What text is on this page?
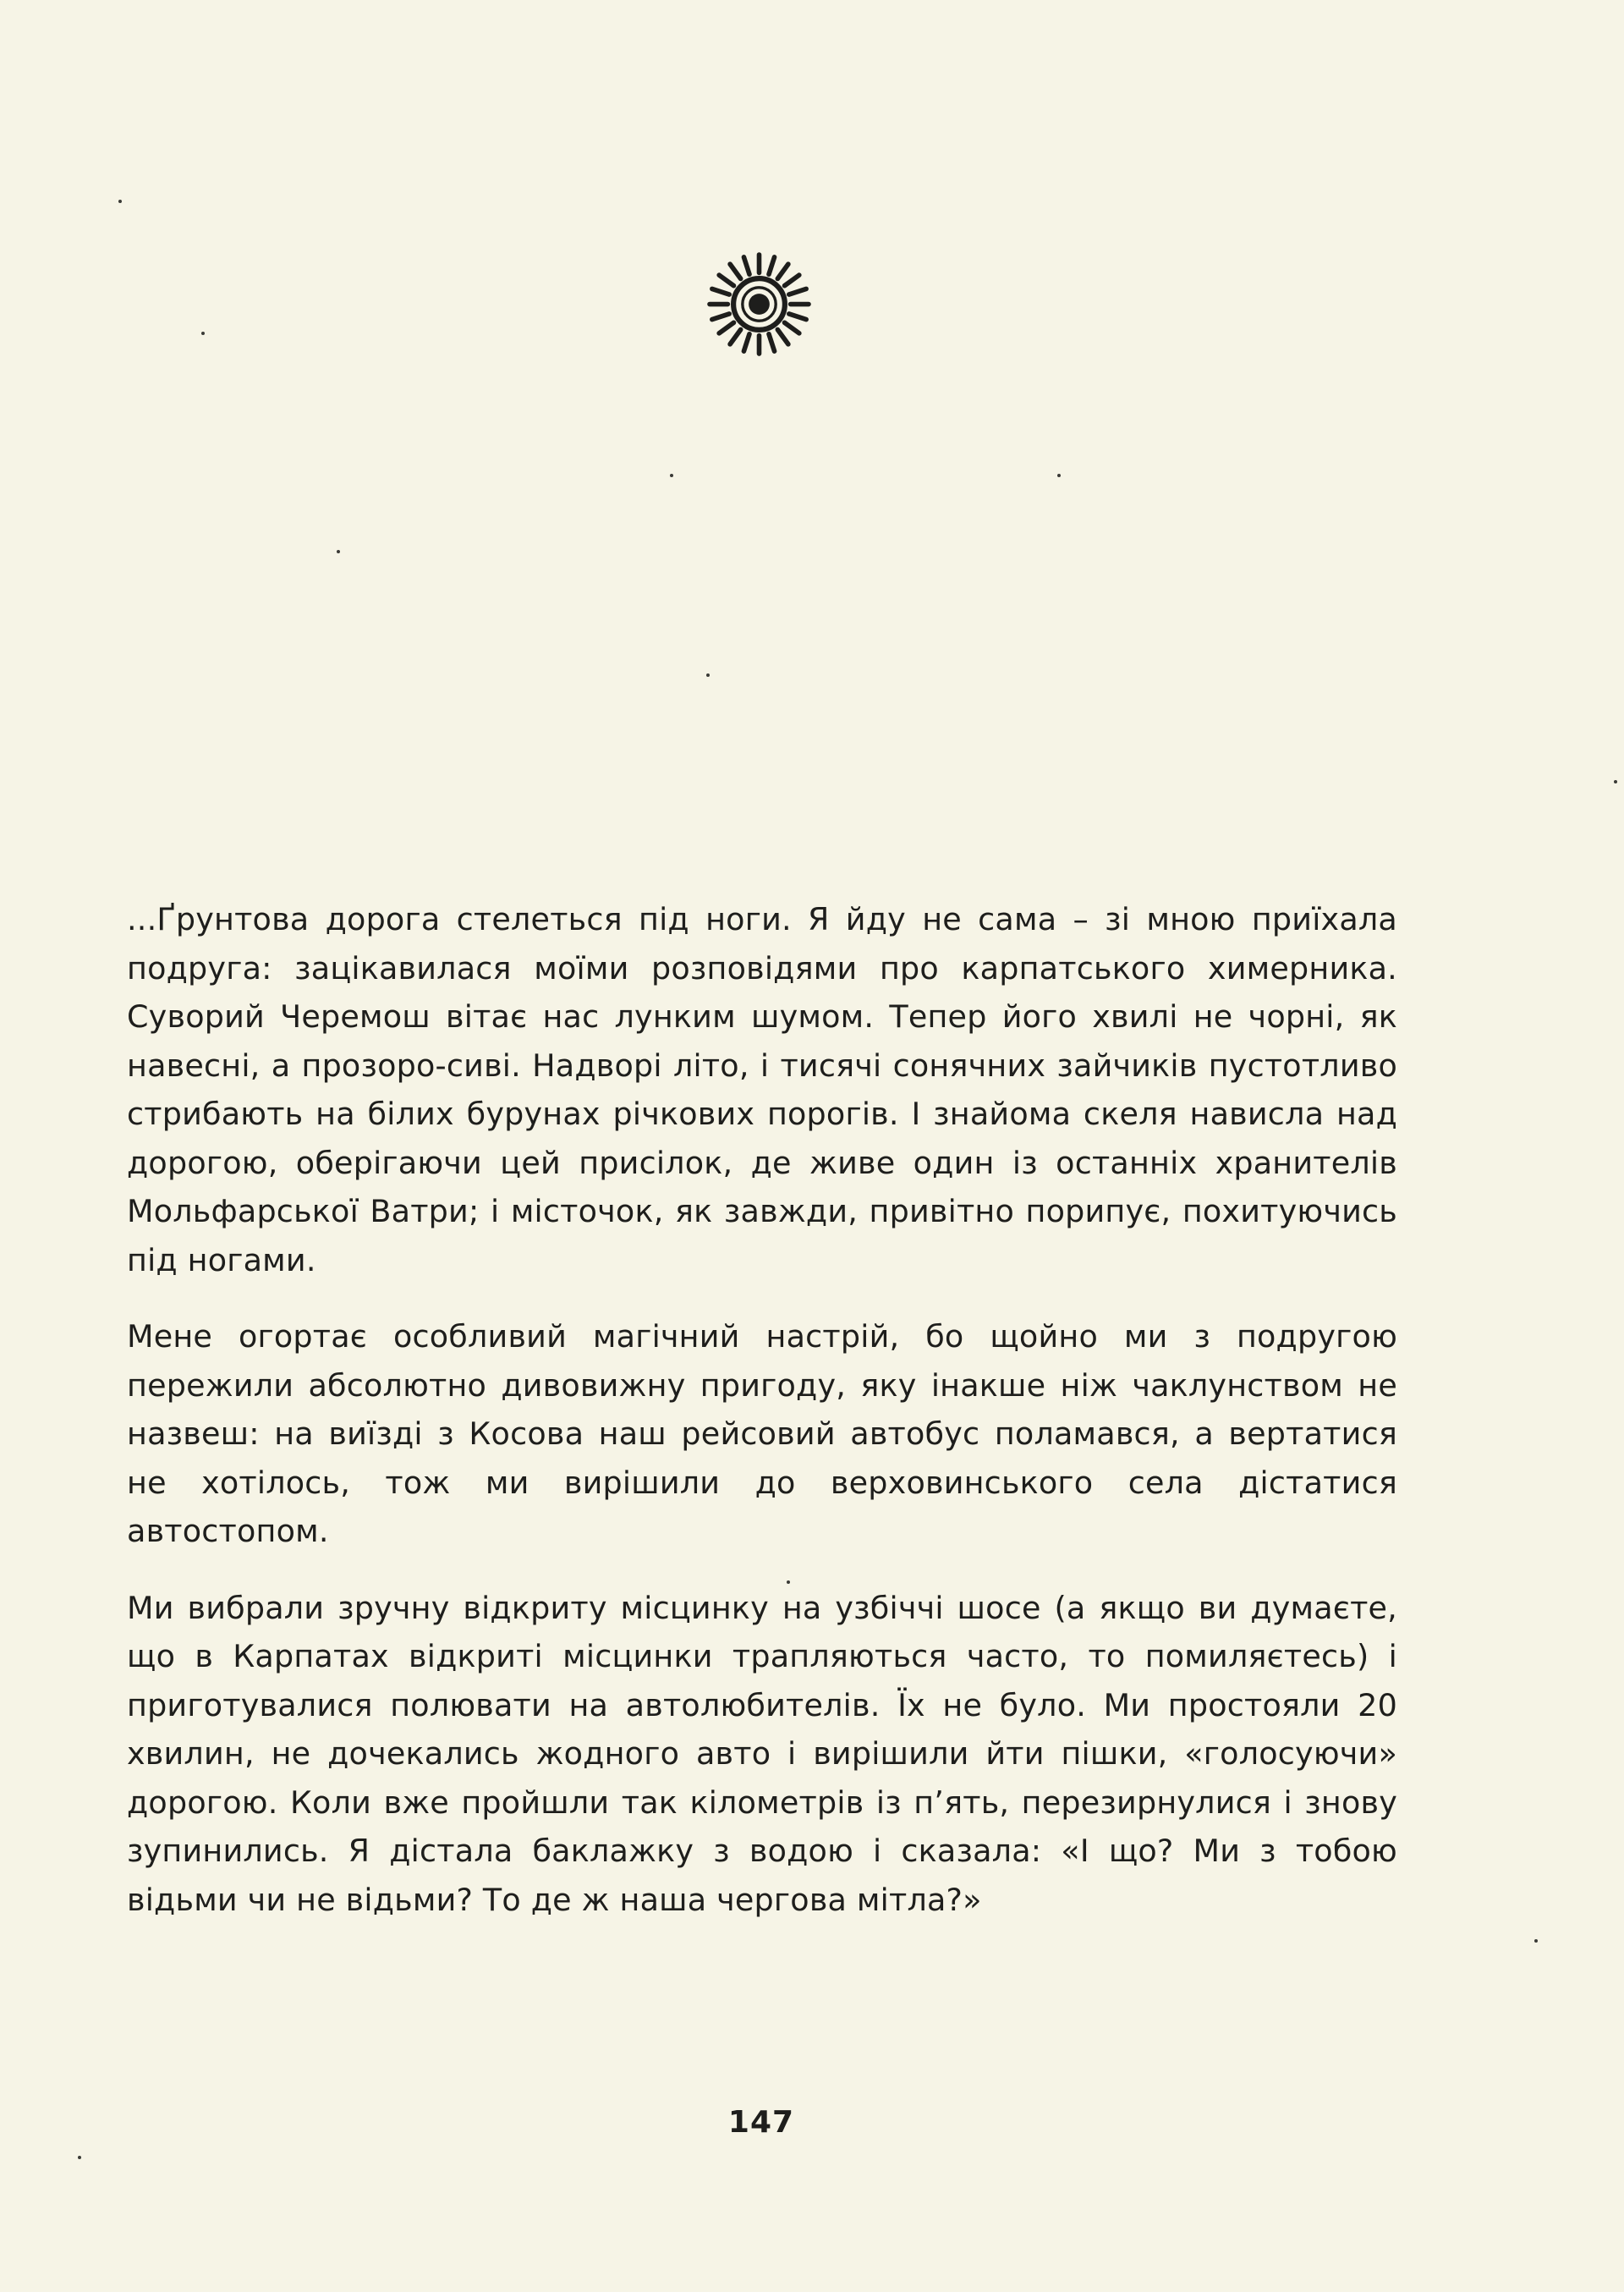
...Ґрунтова дорога стелеться під ноги. Я йду не сама – зі мною приїхала подруга: зацікавилася моїми розповідями про карпатського химерника. Суворий Черемош вітає нас лунким шумом. Тепер його хвилі не чорні, як навесні, а прозоро-сиві. Надворі літо, і тисячі сонячних зайчиків пустотливо стрибають на білих бурунах річкових порогів. І знайома скеля нависла над дорогою, оберігаючи цей присілок, де живе один із останніх хранителів Мольфарської Ватри; і місточок, як завжди, привітно порипує, похитуючись під ногами.

Мене огортає особливий магічний настрій, бо щойно ми з подругою пережили абсолютно дивовижну пригоду, яку інакше ніж чаклунством не назвеш: на виїзді з Косова наш рейсовий автобус поламався, а вертатися не хотілось, тож ми вирішили до верховинського села дістатися автостопом.

Ми вибрали зручну відкриту місцинку на узбіччі шосе (а якщо ви думаєте, що в Карпатах відкриті місцинки трапляються часто, то помиляєтесь) і приготувалися полювати на автолюбителів. Їх не було. Ми простояли 20 хвилин, не дочекались жодного авто і вирішили йти пішки, «голосуючи» дорогою. Коли вже пройшли так кілометрів із п’ять, перезирнулися і знову зупинились. Я дістала баклажку з водою і сказала: «І що? Ми з тобою відьми чи не відьми? То де ж наша чергова мітла?»

147
